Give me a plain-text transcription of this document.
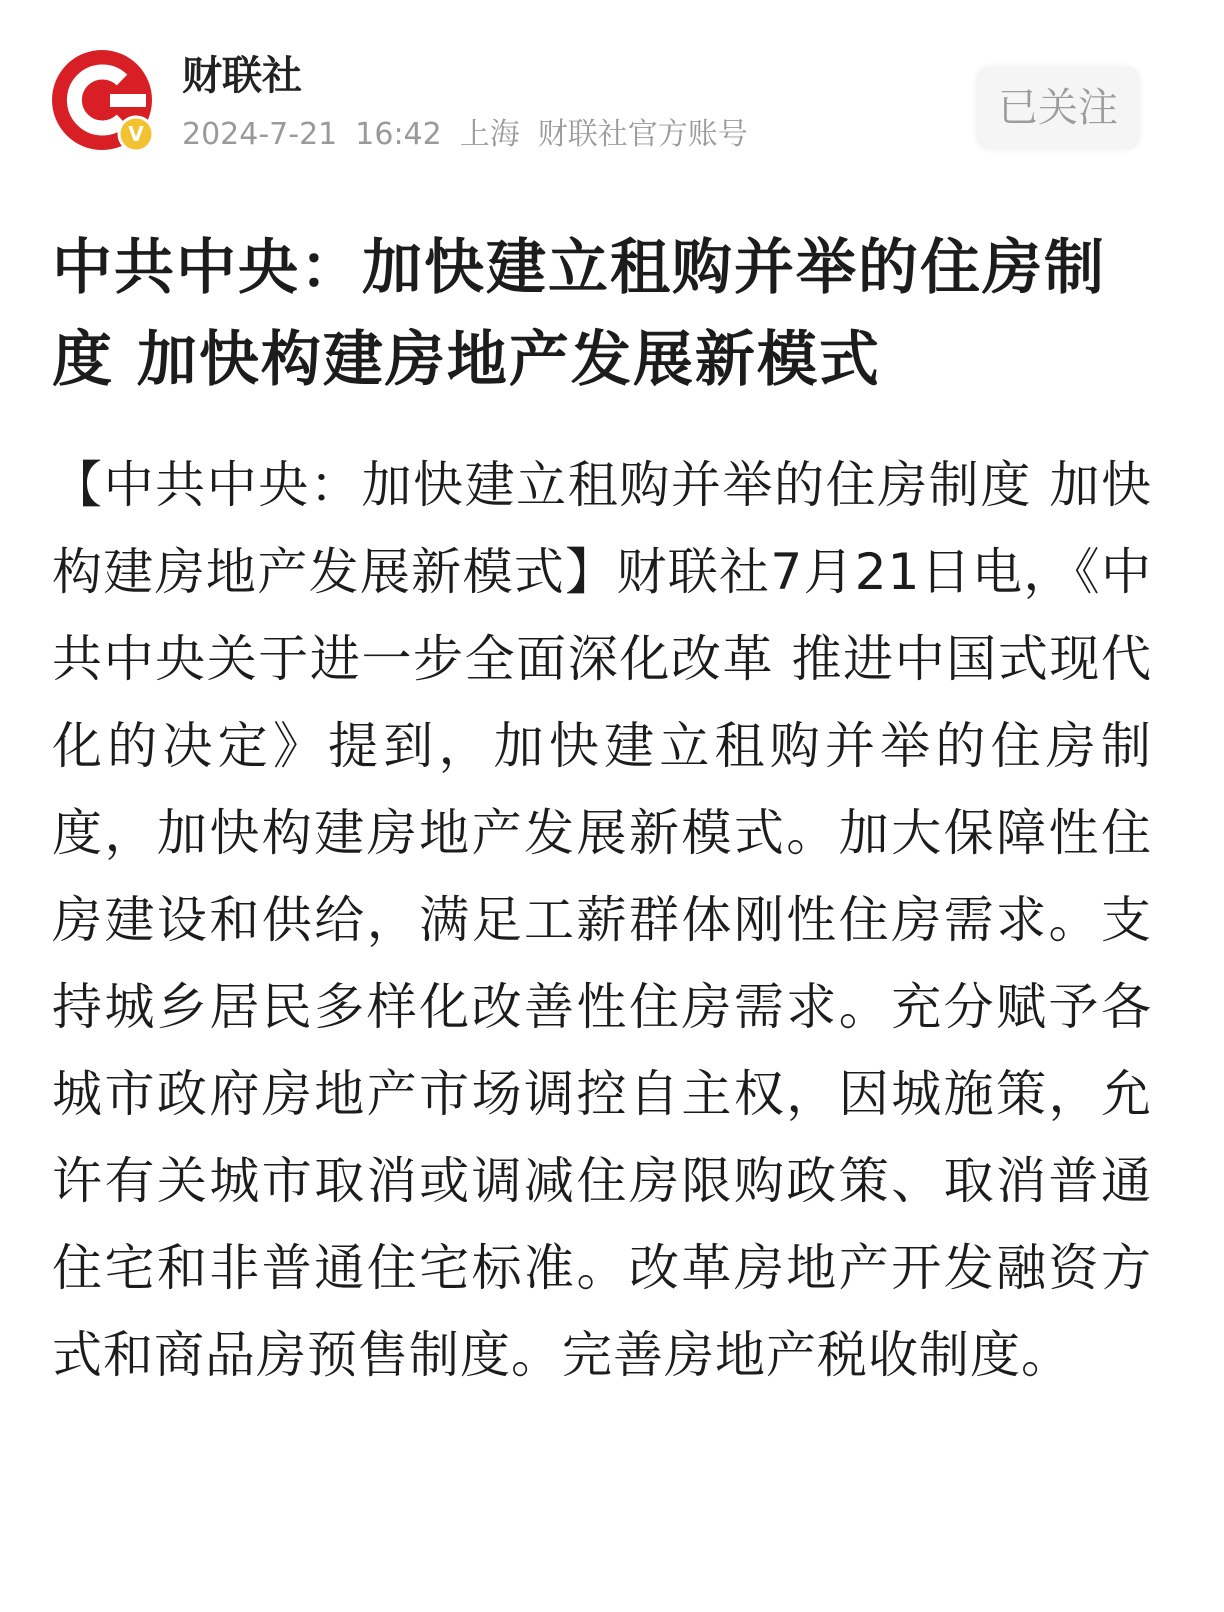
V
财联社
2024-7-21 16:42 上海 财联社官方账号
已关注
中共中央：加快建立租购并举的住房制度 加快构建房地产发展新模式

【中共中央：加快建立租购并举的住房制度 加快构建房地产发展新模式】财联社7月21日电，《中共中央关于进一步全面深化改革 推进中国式现代化的决定》提到，加快建立租购并举的住房制度，加快构建房地产发展新模式。加大保障性住房建设和供给，满足工薪群体刚性住房需求。支持城乡居民多样化改善性住房需求。充分赋予各城市政府房地产市场调控自主权，因城施策，允许有关城市取消或调减住房限购政策、取消普通住宅和非普通住宅标准。改革房地产开发融资方式和商品房预售制度。完善房地产税收制度。
